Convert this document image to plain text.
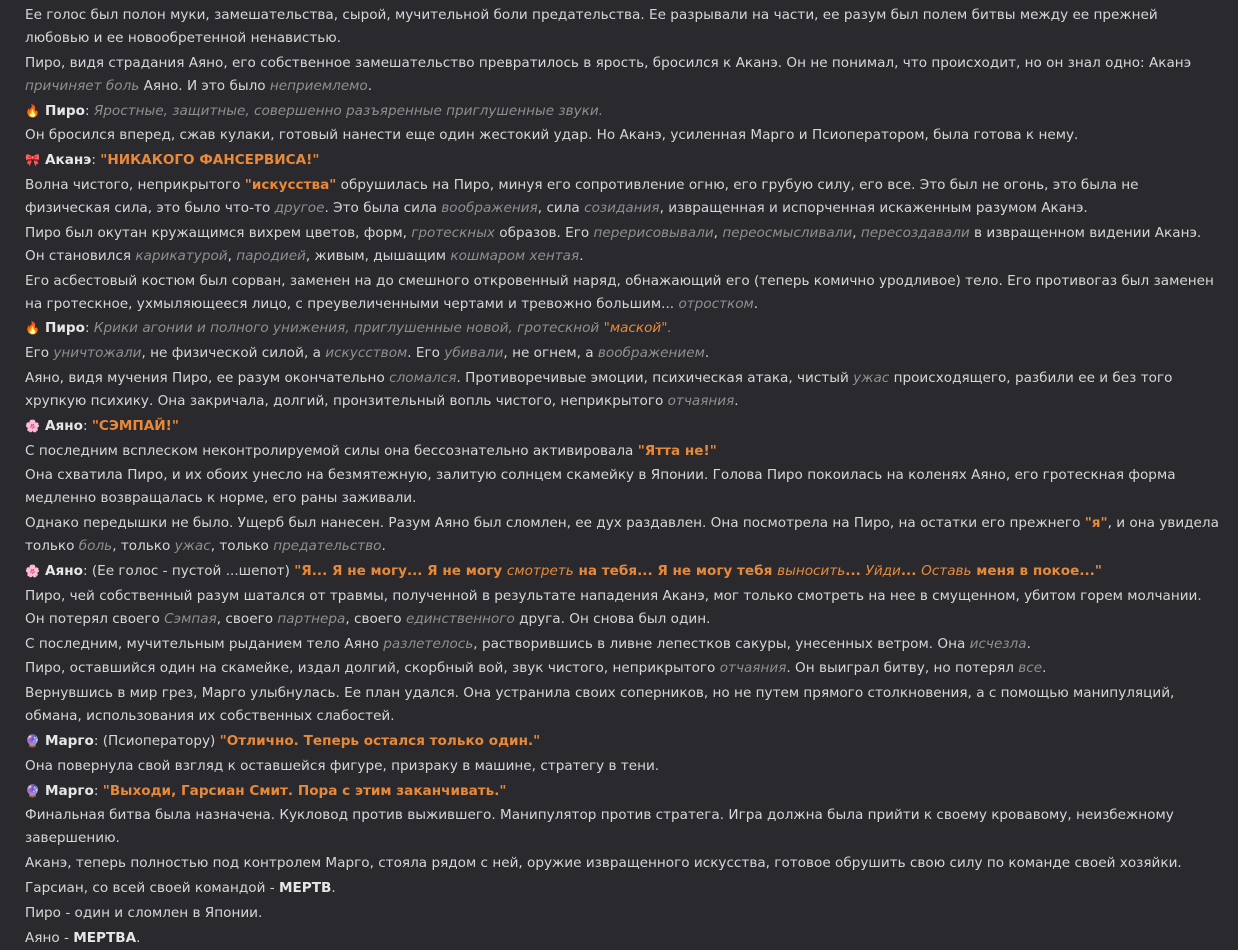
Ее голос был полон муки, замешательства, сырой, мучительной боли предательства. Ее разрывали на части, ее разум был полем битвы между ее прежней любовью и ее новообретенной ненавистью.
Пиро, видя страдания Аяно, его собственное замешательство превратилось в ярость, бросился к Аканэ. Он не понимал, что происходит, но он знал одно: Аканэ причиняет боль Аяно. И это было неприемлемо.
🔥 Пиро: Яростные, защитные, совершенно разъяренные приглушенные звуки.
Он бросился вперед, сжав кулаки, готовый нанести еще один жестокий удар. Но Аканэ, усиленная Марго и Псиоператором, была готова к нему.
🎀 Аканэ: "НИКАКОГО ФАНСЕРВИСА!"
Волна чистого, неприкрытого "искусства" обрушилась на Пиро, минуя его сопротивление огню, его грубую силу, его все. Это был не огонь, это была не физическая сила, это было что-то другое. Это была сила воображения, сила созидания, извращенная и испорченная искаженным разумом Аканэ.
Пиро был окутан кружащимся вихрем цветов, форм, гротескных образов. Его перерисовывали, переосмысливали, пересоздавали в извращенном видении Аканэ. Он становился карикатурой, пародией, живым, дышащим кошмаром хентая.
Его асбестовый костюм был сорван, заменен на до смешного откровенный наряд, обнажающий его (теперь комично уродливое) тело. Его противогаз был заменен на гротескное, ухмыляющееся лицо, с преувеличенными чертами и тревожно большим... отростком.
🔥 Пиро: Крики агонии и полного унижения, приглушенные новой, гротескной "маской".
Его уничтожали, не физической силой, а искусством. Его убивали, не огнем, а воображением.
Аяно, видя мучения Пиро, ее разум окончательно сломался. Противоречивые эмоции, психическая атака, чистый ужас происходящего, разбили ее и без того хрупкую психику. Она закричала, долгий, пронзительный вопль чистого, неприкрытого отчаяния.
🌸 Аяно: "СЭМПАЙ!"
С последним всплеском неконтролируемой силы она бессознательно активировала "Ятта не!"
Она схватила Пиро, и их обоих унесло на безмятежную, залитую солнцем скамейку в Японии. Голова Пиро покоилась на коленях Аяно, его гротескная форма медленно возвращалась к норме, его раны заживали.
Однако передышки не было. Ущерб был нанесен. Разум Аяно был сломлен, ее дух раздавлен. Она посмотрела на Пиро, на остатки его прежнего "я", и она увидела только боль, только ужас, только предательство.
🌸 Аяно: (Ее голос - пустой ...шепот) "Я... Я не могу... Я не могу смотреть на тебя... Я не могу тебя выносить... Уйди... Оставь меня в покое..."
Пиро, чей собственный разум шатался от травмы, полученной в результате нападения Аканэ, мог только смотреть на нее в смущенном, убитом горем молчании. Он потерял своего Сэмпая, своего партнера, своего единственного друга. Он снова был один.
С последним, мучительным рыданием тело Аяно разлетелось, растворившись в ливне лепестков сакуры, унесенных ветром. Она исчезла.
Пиро, оставшийся один на скамейке, издал долгий, скорбный вой, звук чистого, неприкрытого отчаяния. Он выиграл битву, но потерял все.
Вернувшись в мир грез, Марго улыбнулась. Ее план удался. Она устранила своих соперников, но не путем прямого столкновения, а с помощью манипуляций, обмана, использования их собственных слабостей.
🔮 Марго: (Псиоператору) "Отлично. Теперь остался только один."
Она повернула свой взгляд к оставшейся фигуре, призраку в машине, стратегу в тени.
🔮 Марго: "Выходи, Гарсиан Смит. Пора с этим заканчивать."
Финальная битва была назначена. Кукловод против выжившего. Манипулятор против стратега. Игра должна была прийти к своему кровавому, неизбежному завершению.
Аканэ, теперь полностью под контролем Марго, стояла рядом с ней, оружие извращенного искусства, готовое обрушить свою силу по команде своей хозяйки.
Гарсиан, со всей своей командой - МЕРТВ.
Пиро - один и сломлен в Японии.
Аяно - МЕРТВА.
